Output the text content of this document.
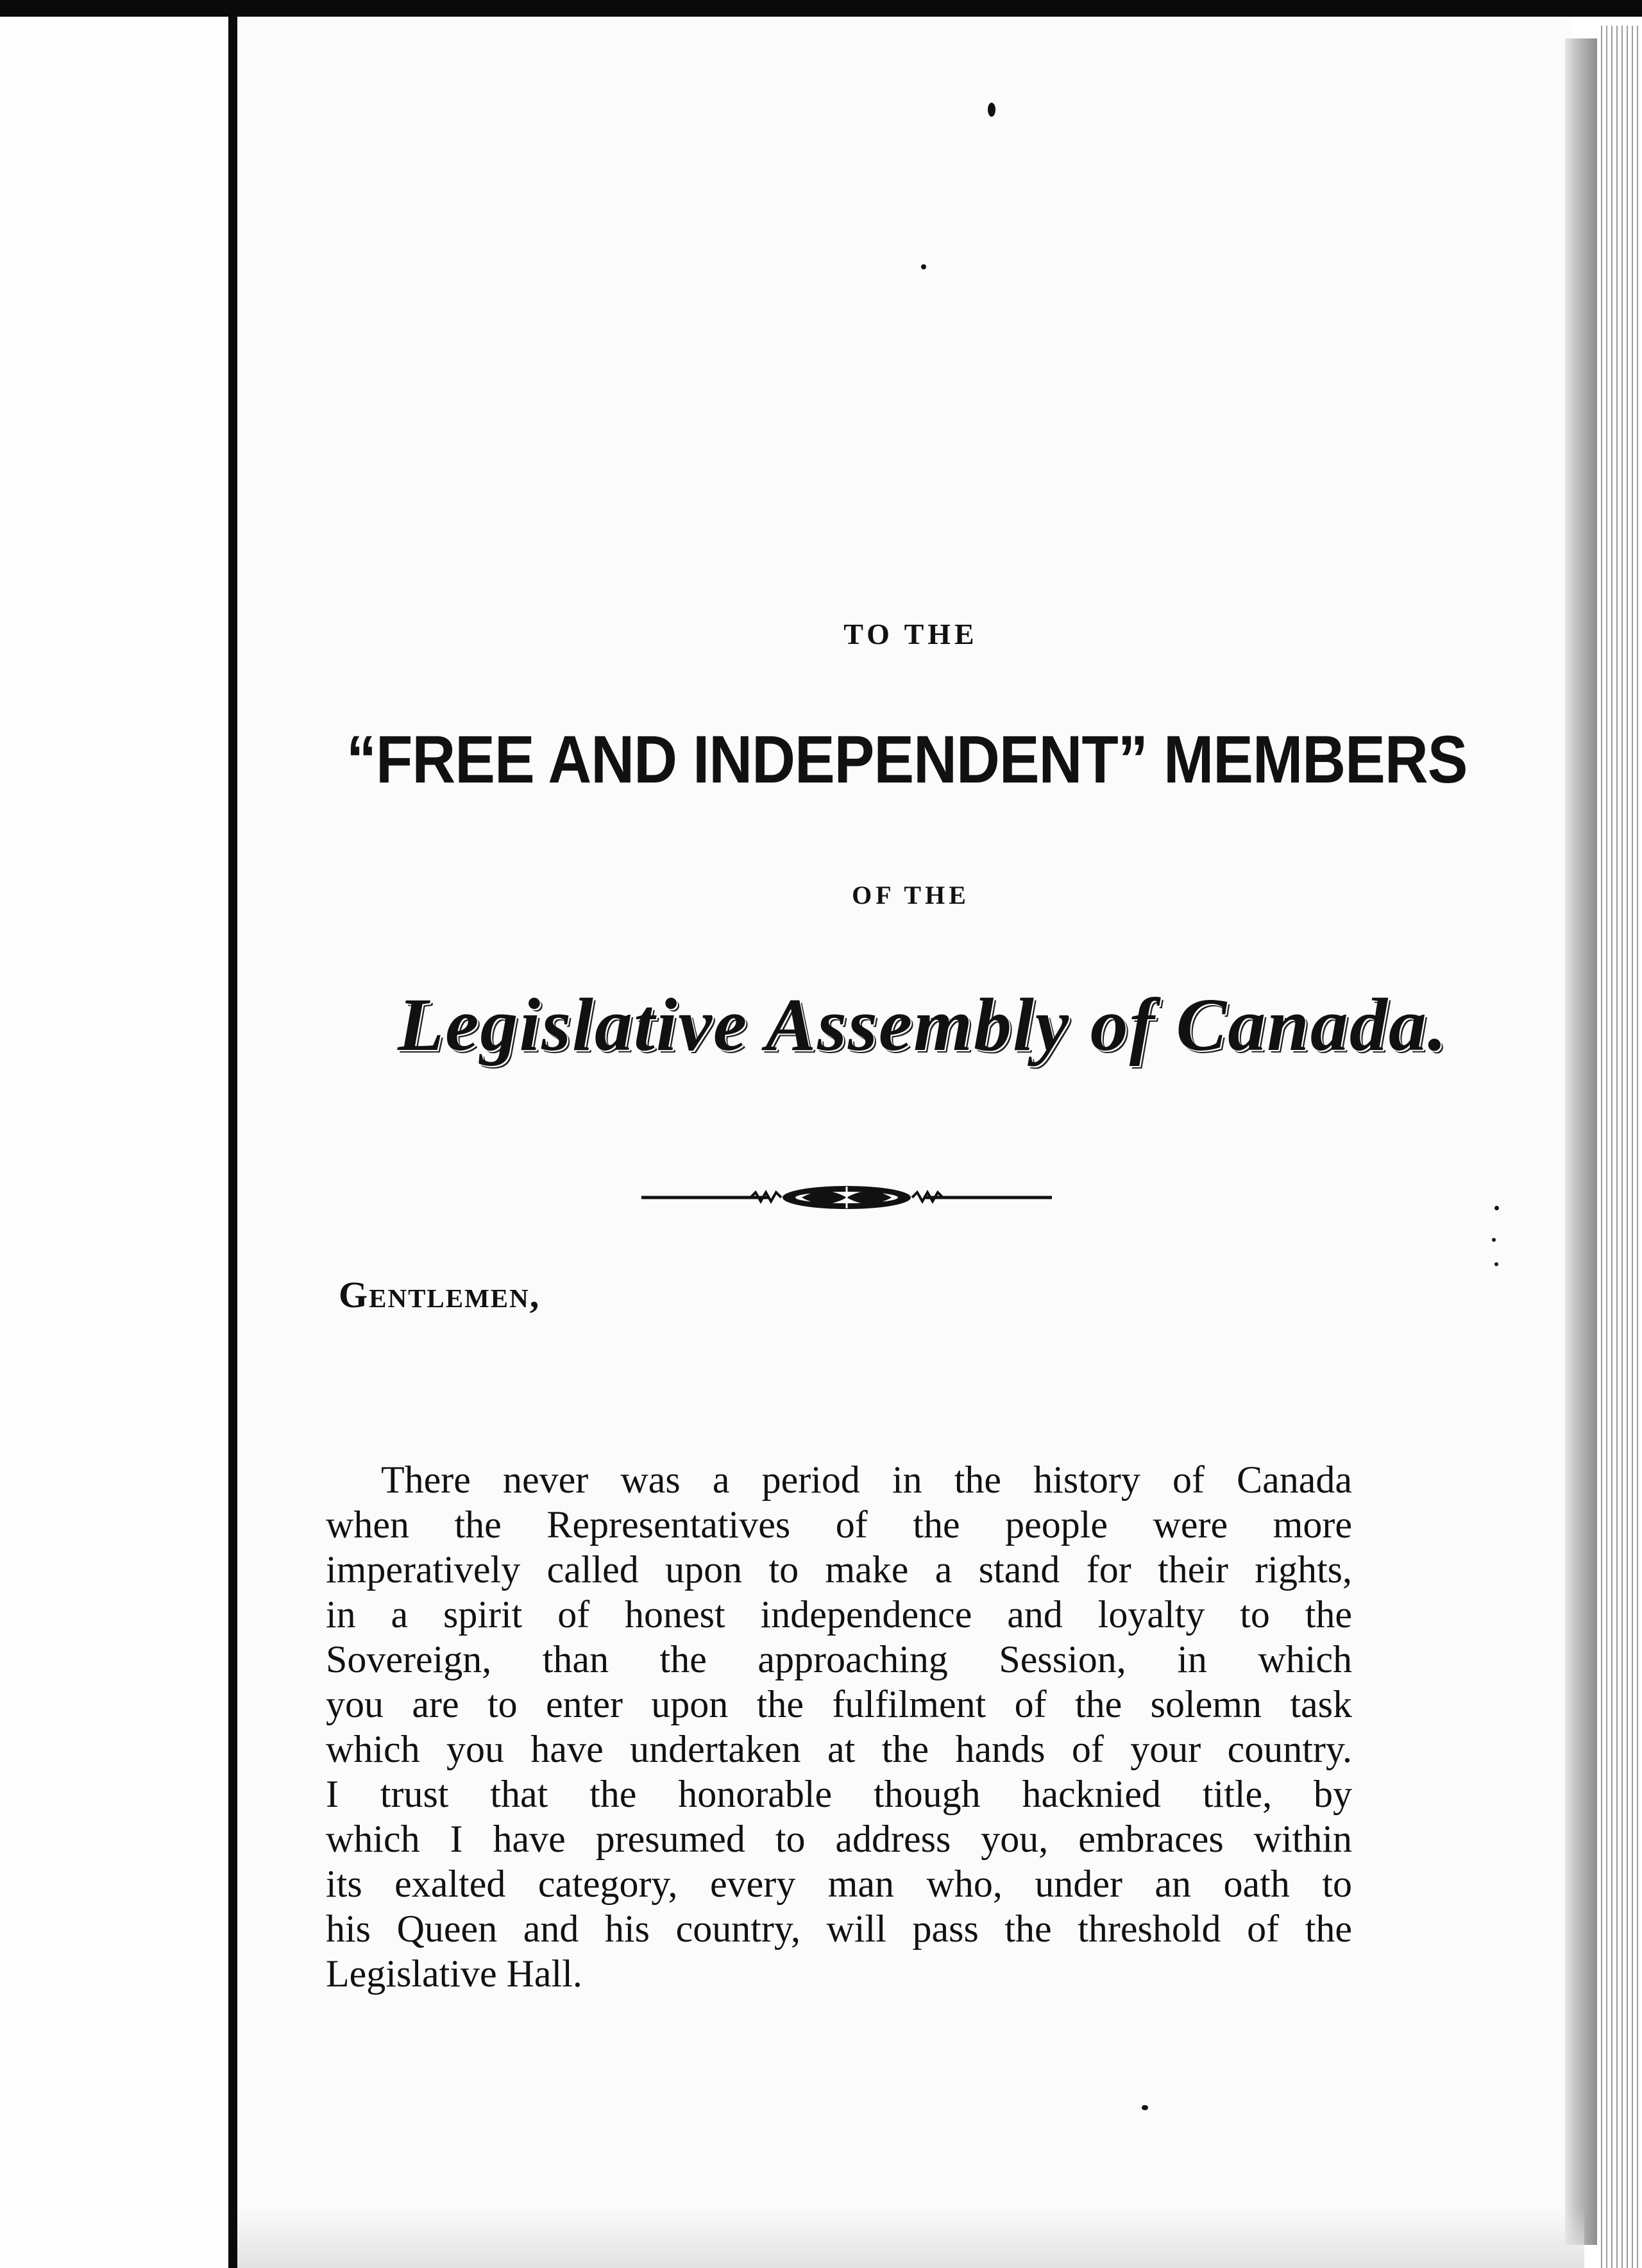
TO THE
“FREE AND INDEPENDENT” MEMBERS
OF THE
Legislative Assembly of Canada.
Gentlemen,
There never was a period in the history of Canada
when the Representatives of the people were more
imperatively called upon to make a stand for their rights,
in a spirit of honest independence and loyalty to the
Sovereign, than the approaching Session, in which
you are to enter upon the fulfilment of the solemn task
which you have undertaken at the hands of your country.
I trust that the honorable though hacknied title, by
which I have presumed to address you, embraces within
its exalted category, every man who, under an oath to
his Queen and his country, will pass the threshold of the
Legislative Hall.
